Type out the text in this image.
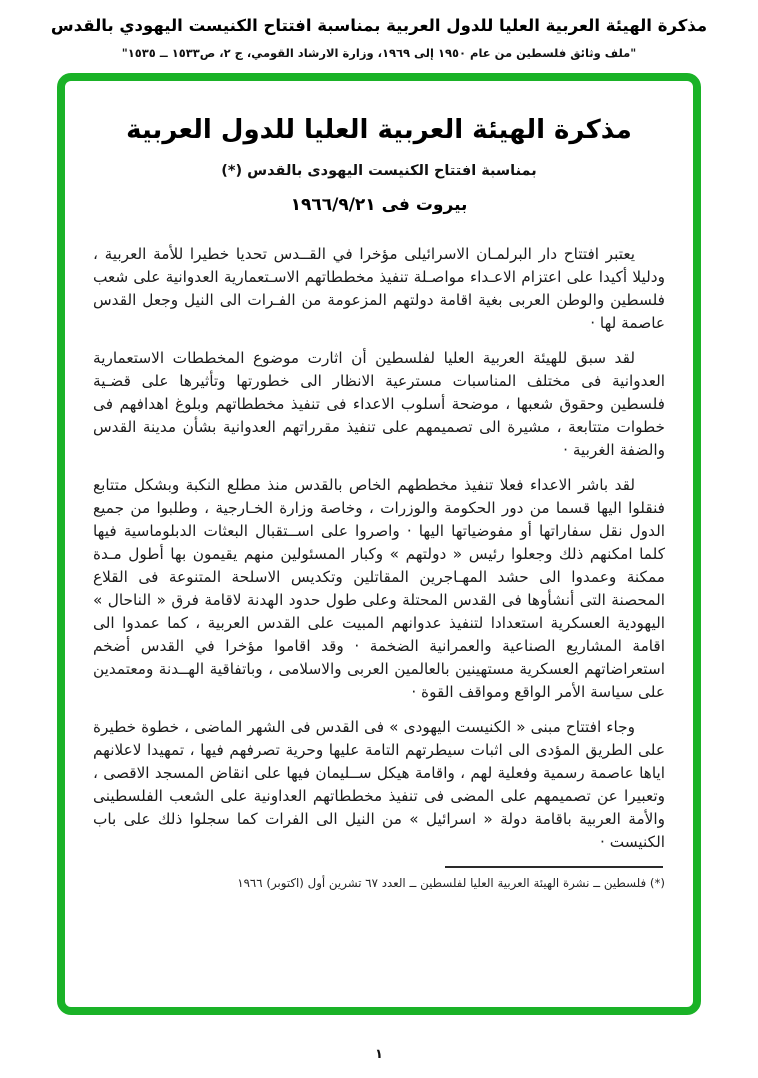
مذكرة الهيئة العربية العليا للدول العربية بمناسبة افتتاح الكنيست اليهودي بالقدس
"ملف وثائق فلسطين من عام ١٩٥٠ إلى ١٩٦٩، وزارة الارشاد القومي، ج ٢، ص١٥٣٣ ــ ١٥٣٥"
مذكرة الهيئة العربية العليا للدول العربية
بمناسبة افتتاح الكنيست اليهودى بالقدس (*)
بيروت فى ١٩٦٦/٩/٢١

يعتبر افتتاح دار البرلمـان الاسرائيلى مؤخرا في القــدس تحديا خطيرا للأمة العربية ، ودليلا أكيدا على اعتزام الاعـداء مواصـلة تنفيذ مخططاتهم الاسـتعمارية العدوانية على شعب فلسطين والوطن العربى بغية اقامة دولتهم المزعومة من الفـرات الى النيل وجعل القدس عاصمة لها ·

لقد سبق للهيئة العربية العليا لفلسطين أن اثارت موضوع المخططات الاستعمارية العدوانية فى مختلف المناسبات مسترعية الانظار الى خطورتها وتأثيرها على قضـية فلسطين وحقوق شعبها ، موضحة أسلوب الاعداء فى تنفيذ مخططاتهم وبلوغ اهدافهم فى خطوات متتابعة ، مشيرة الى تصميمهم على تنفيذ مقرراتهم العدوانية بشأن مدينة القدس والضفة الغربية ·

لقد باشر الاعداء فعلا تنفيذ مخططهم الخاص بالقدس منذ مطلع النكبة وبشكل متتابع فنقلوا اليها قسما من دور الحكومة والوزرات ، وخاصة وزارة الخـارجية ، وطلبوا من جميع الدول نقل سفاراتها أو مفوضياتها اليها · واصروا على اســتقبال البعثات الدبلوماسية فيها كلما امكنهم ذلك وجعلوا رئيس « دولتهم » وكبار المسئولين منهم يقيمون بها أطول مـدة ممكنة وعمدوا الى حشد المهـاجرين المقاتلين وتكديس الاسلحة المتنوعة فى القلاع المحصنة التى أنشأوها فى القدس المحتلة وعلى طول حدود الهدنة لاقامة فرق « الناحال » اليهودية العسكرية استعدادا لتنفيذ عدوانهم المبيت على القدس العربية ، كما عمدوا الى اقامة المشاريع الصناعية والعمرانية الضخمة · وقد اقاموا مؤخرا في القدس أضخم استعراضاتهم العسكرية مستهينين بالعالمين العربى والاسلامى ، وباتفاقية الهــدنة ومعتمدين على سياسة الأمر الواقع ومواقف القوة ·

وجاء افتتاح مبنى « الكنيست اليهودى » فى القدس فى الشهر الماضى ، خطوة خطيرة على الطريق المؤدى الى اثبات سيطرتهم التامة عليها وحرية تصرفهم فيها ، تمهيدا لاعلانهم اياها عاصمة رسمية وفعلية لهم ، واقامة هيكل ســليمان فيها على انقاض المسجد الاقصى ، وتعبيرا عن تصميمهم على المضى فى تنفيذ مخططاتهم العداونية على الشعب الفلسطينى والأمة العربية باقامة دولة « اسرائيل » من النيل الى الفرات كما سجلوا ذلك على باب الكنيست ·

(*) فلسطين ــ نشرة الهيئة العربية العليا لفلسطين ــ العدد ٦٧ تشرين أول (اكتوبر) ١٩٦٦
١
